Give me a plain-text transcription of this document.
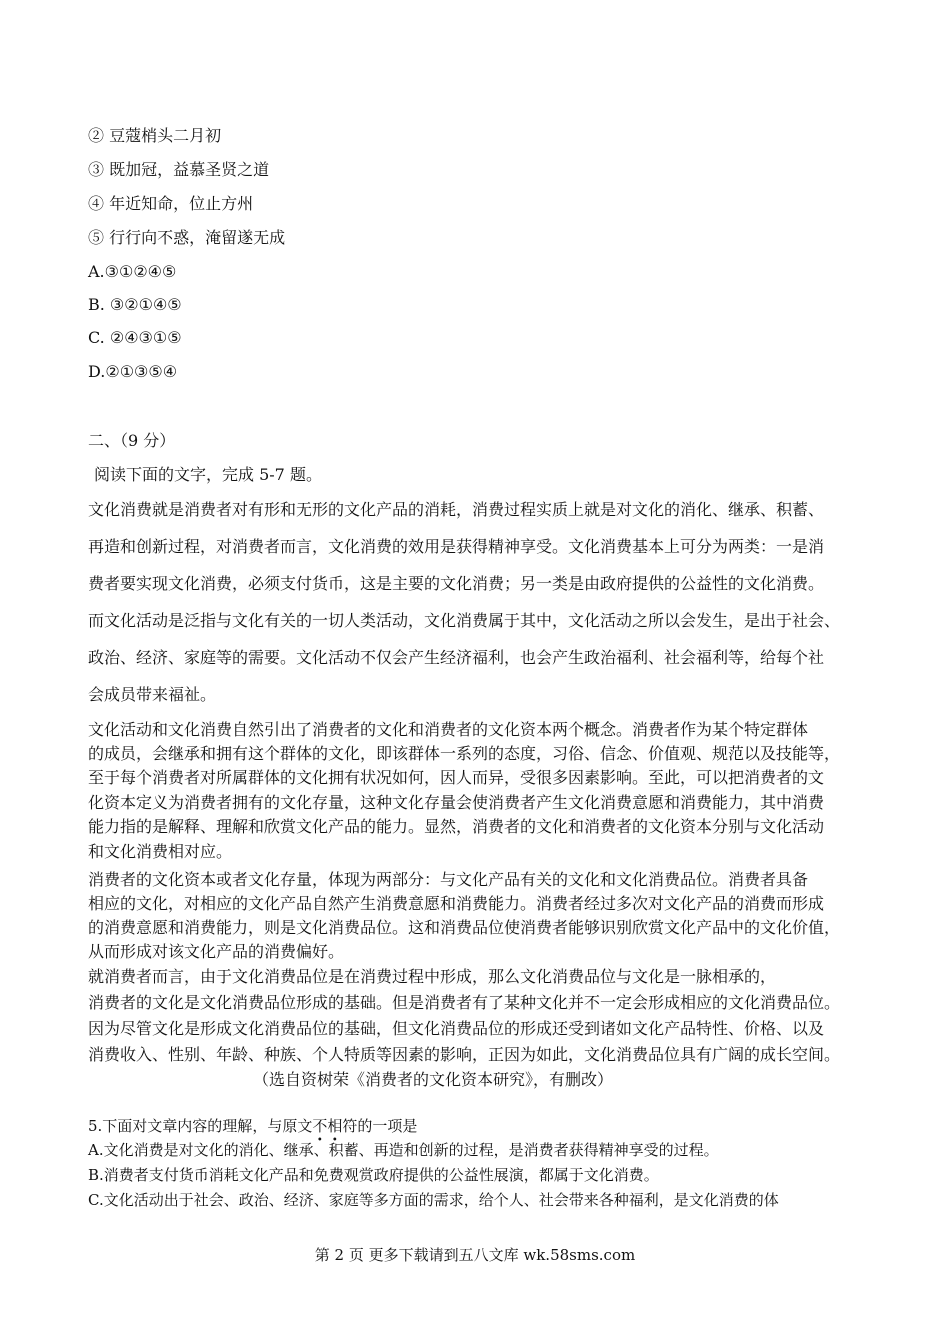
② 豆蔻梢头二月初
③ 既加冠，益慕圣贤之道
④ 年近知命，位止方州
⑤ 行行向不惑，淹留遂无成
A.③①②④⑤
B. ③②①④⑤
C. ②④③①⑤
D.②①③⑤④
二、（9 分）
阅读下面的文字，完成 5-7 题。
文化消费就是消费者对有形和无形的文化产品的消耗，消费过程实质上就是对文化的消化、继承、积蓄、
再造和创新过程，对消费者而言，文化消费的效用是获得精神享受。文化消费基本上可分为两类：一是消
费者要实现文化消费，必须支付货币，这是主要的文化消费；另一类是由政府提供的公益性的文化消费。
而文化活动是泛指与文化有关的一切人类活动，文化消费属于其中，文化活动之所以会发生，是出于社会、
政治、经济、家庭等的需要。文化活动不仅会产生经济福利，也会产生政治福利、社会福利等，给每个社
会成员带来福祉。
文化活动和文化消费自然引出了消费者的文化和消费者的文化资本两个概念。消费者作为某个特定群体
的成员，会继承和拥有这个群体的文化，即该群体一系列的态度，习俗、信念、价值观、规范以及技能等，
至于每个消费者对所属群体的文化拥有状况如何，因人而异，受很多因素影响。至此，可以把消费者的文
化资本定义为消费者拥有的文化存量，这种文化存量会使消费者产生文化消费意愿和消费能力，其中消费
能力指的是解释、理解和欣赏文化产品的能力。显然，消费者的文化和消费者的文化资本分别与文化活动
和文化消费相对应。
消费者的文化资本或者文化存量，体现为两部分：与文化产品有关的文化和文化消费品位。消费者具备
相应的文化，对相应的文化产品自然产生消费意愿和消费能力。消费者经过多次对文化产品的消费而形成
的消费意愿和消费能力，则是文化消费品位。这和消费品位使消费者能够识别欣赏文化产品中的文化价值，
从而形成对该文化产品的消费偏好。
就消费者而言，由于文化消费品位是在消费过程中形成，那么文化消费品位与文化是一脉相承的，
消费者的文化是文化消费品位形成的基础。但是消费者有了某种文化并不一定会形成相应的文化消费品位。
因为尽管文化是形成文化消费品位的基础，但文化消费品位的形成还受到诸如文化产品特性、价格、以及
消费收入、性别、年龄、种族、个人特质等因素的影响，正因为如此，文化消费品位具有广阔的成长空间。
（选自资树荣《消费者的文化资本研究》，有删改）
5.下面对文章内容的理解，与原文不相符的一项是
A.文化消费是对文化的消化、继承、积蓄、再造和创新的过程，是消费者获得精神享受的过程。
B.消费者支付货币消耗文化产品和免费观赏政府提供的公益性展演，都属于文化消费。
C.文化活动出于社会、政治、经济、家庭等多方面的需求，给个人、社会带来各种福利，是文化消费的体
第 2 页 更多下载请到五八文库 wk.58sms.com
